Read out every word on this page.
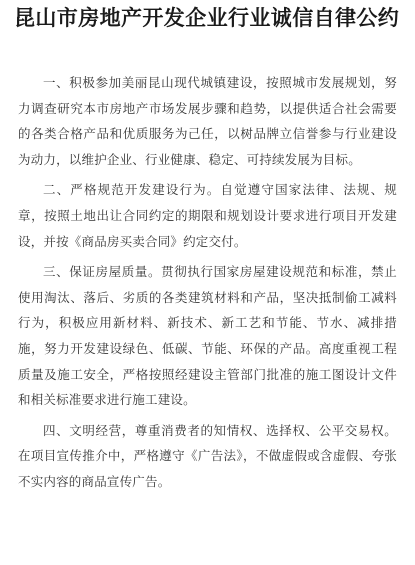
昆山市房地产开发企业行业诚信自律公约

一、积极参加美丽昆山现代城镇建设，按照城市发展规划，努力调查研究本市房地产市场发展步骤和趋势，以提供适合社会需要的各类合格产品和优质服务为己任，以树品牌立信誉参与行业建设为动力，以维护企业、行业健康、稳定、可持续发展为目标。

二、严格规范开发建设行为。自觉遵守国家法律、法规、规章，按照土地出让合同约定的期限和规划设计要求进行项目开发建设，并按《商品房买卖合同》约定交付。

三、保证房屋质量。贯彻执行国家房屋建设规范和标准，禁止使用淘汰、落后、劣质的各类建筑材料和产品，坚决抵制偷工减料行为，积极应用新材料、新技术、新工艺和节能、节水、减排措施，努力开发建设绿色、低碳、节能、环保的产品。高度重视工程质量及施工安全，严格按照经建设主管部门批准的施工图设计文件和相关标准要求进行施工建设。

四、文明经营，尊重消费者的知情权、选择权、公平交易权。在项目宣传推介中，严格遵守《广告法》，不做虚假或含虚假、夸张不实内容的商品宣传广告。
